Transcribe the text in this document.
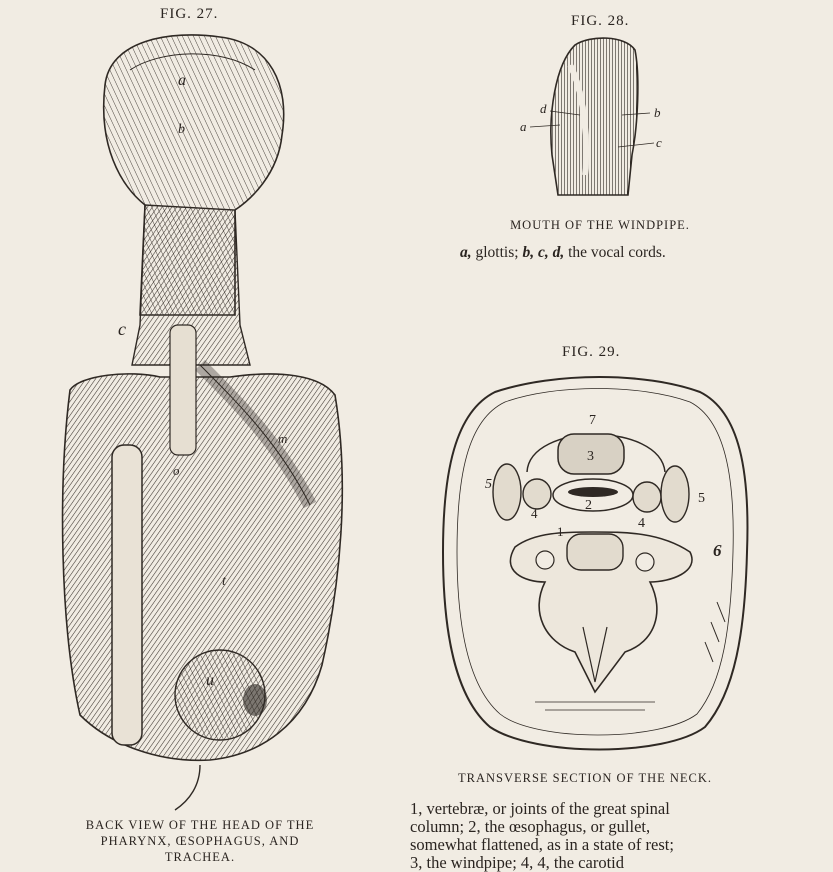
FIG. 27.
a
b
c
o
m
t
u
BACK VIEW OF THE HEAD OF THE
PHARYNX, ŒSOPHAGUS, AND
TRACHEA.
FIG. 28.
d
a
b
c
MOUTH OF THE WINDPIPE.
a, glottis; b, c, d, the vocal cords.
FIG. 29.
7
3
5
4
2
4
5
1
6
TRANSVERSE SECTION OF THE NECK.
1, vertebræ, or joints of the great spinal
column; 2, the œsophagus, or gullet,
somewhat flattened, as in a state of rest;
3, the windpipe; 4, 4, the carotid
